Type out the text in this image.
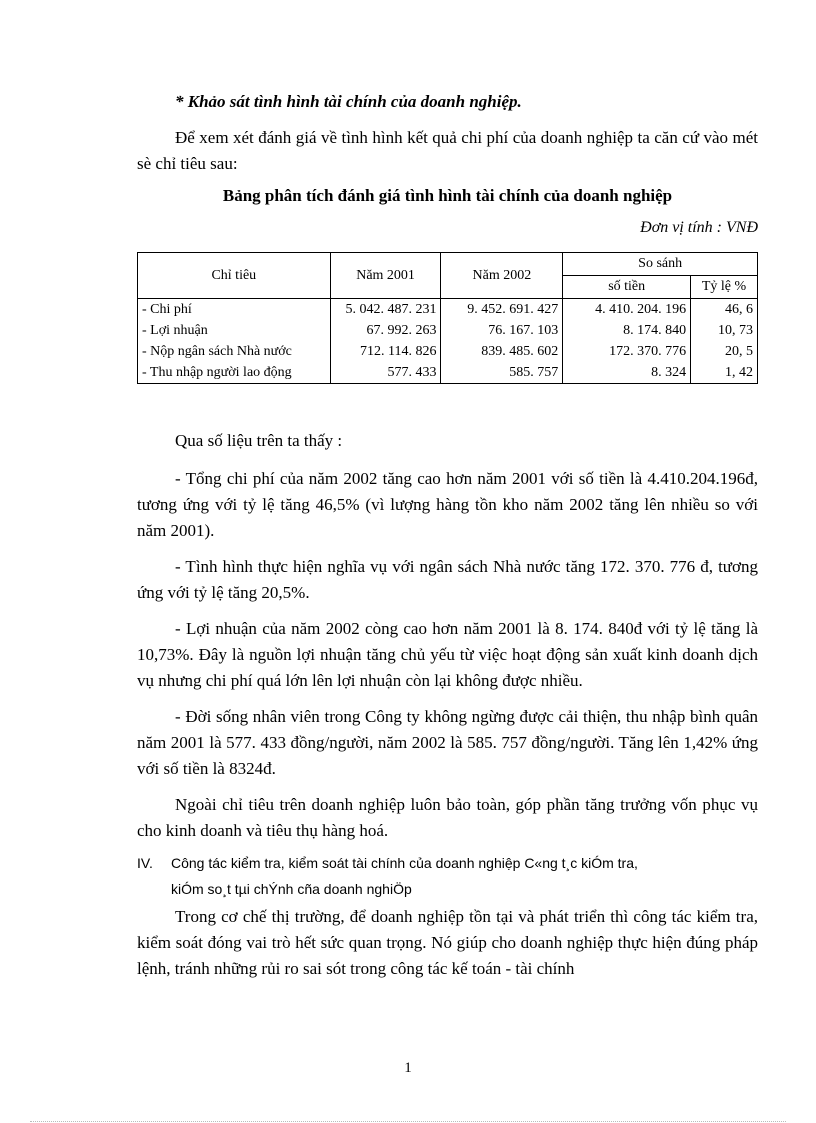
* Khảo sát tình hình tài chính của doanh nghiệp.

Để xem xét đánh giá về tình hình kết quả chi phí của doanh nghiệp ta căn cứ vào mét sè chỉ tiêu sau:

Bảng phân tích đánh giá tình hình tài chính của doanh nghiệp
Đơn vị tính : VNĐ
Chỉ tiêu	Năm 2001	Năm 2002	So sánh	
			số tiền	Tỷ lệ %
- Chi phí	5. 042. 487. 231	9. 452. 691. 427	4. 410. 204. 196	46, 6
- Lợi nhuận	67. 992. 263	76. 167. 103	8. 174. 840	10, 73
- Nộp ngân sách Nhà nước	712. 114. 826	839. 485. 602	172. 370. 776	20, 5
- Thu nhập người lao động	577. 433	585. 757	8. 324	1, 42

Qua số liệu trên ta thấy :

- Tổng chi phí của năm 2002 tăng cao hơn năm 2001 với số tiền là 4.410.204.196đ, tương ứng với tỷ lệ tăng 46,5% (vì lượng hàng tồn kho năm 2002 tăng lên nhiều so với năm 2001).

- Tình hình thực hiện nghĩa vụ với ngân sách Nhà nước tăng 172. 370. 776 đ, tương ứng với tỷ lệ tăng 20,5%.

- Lợi nhuận của năm 2002 còng cao hơn năm 2001 là 8. 174. 840đ với tỷ lệ tăng là 10,73%. Đây là nguồn lợi nhuận tăng chủ yếu từ việc hoạt động sản xuất kinh doanh dịch vụ nhưng chi phí quá lớn lên lợi nhuận còn lại không được nhiều.

- Đời sống nhân viên trong Công ty không ngừng được cải thiện, thu nhập bình quân năm 2001 là 577. 433 đồng/người, năm 2002 là 585. 757 đồng/người. Tăng lên 1,42% ứng với số tiền là 8324đ.

Ngoài chỉ tiêu trên doanh nghiệp luôn bảo toàn, góp phần tăng trưởng vốn phục vụ cho kinh doanh và tiêu thụ hàng hoá.

IV. Công tác kiểm tra, kiểm soát tài chính của doanh nghiệp C«ng t¸c kiÓm tra,
kiÓm so¸t tµi chÝnh cña doanh nghiÖp

Trong cơ chế thị trường, để doanh nghiệp tồn tại và phát triển thì công tác kiểm tra, kiểm soát đóng vai trò hết sức quan trọng. Nó giúp cho doanh nghiệp thực hiện đúng pháp lệnh, tránh những rủi ro sai sót trong công tác kế toán - tài chính

1
